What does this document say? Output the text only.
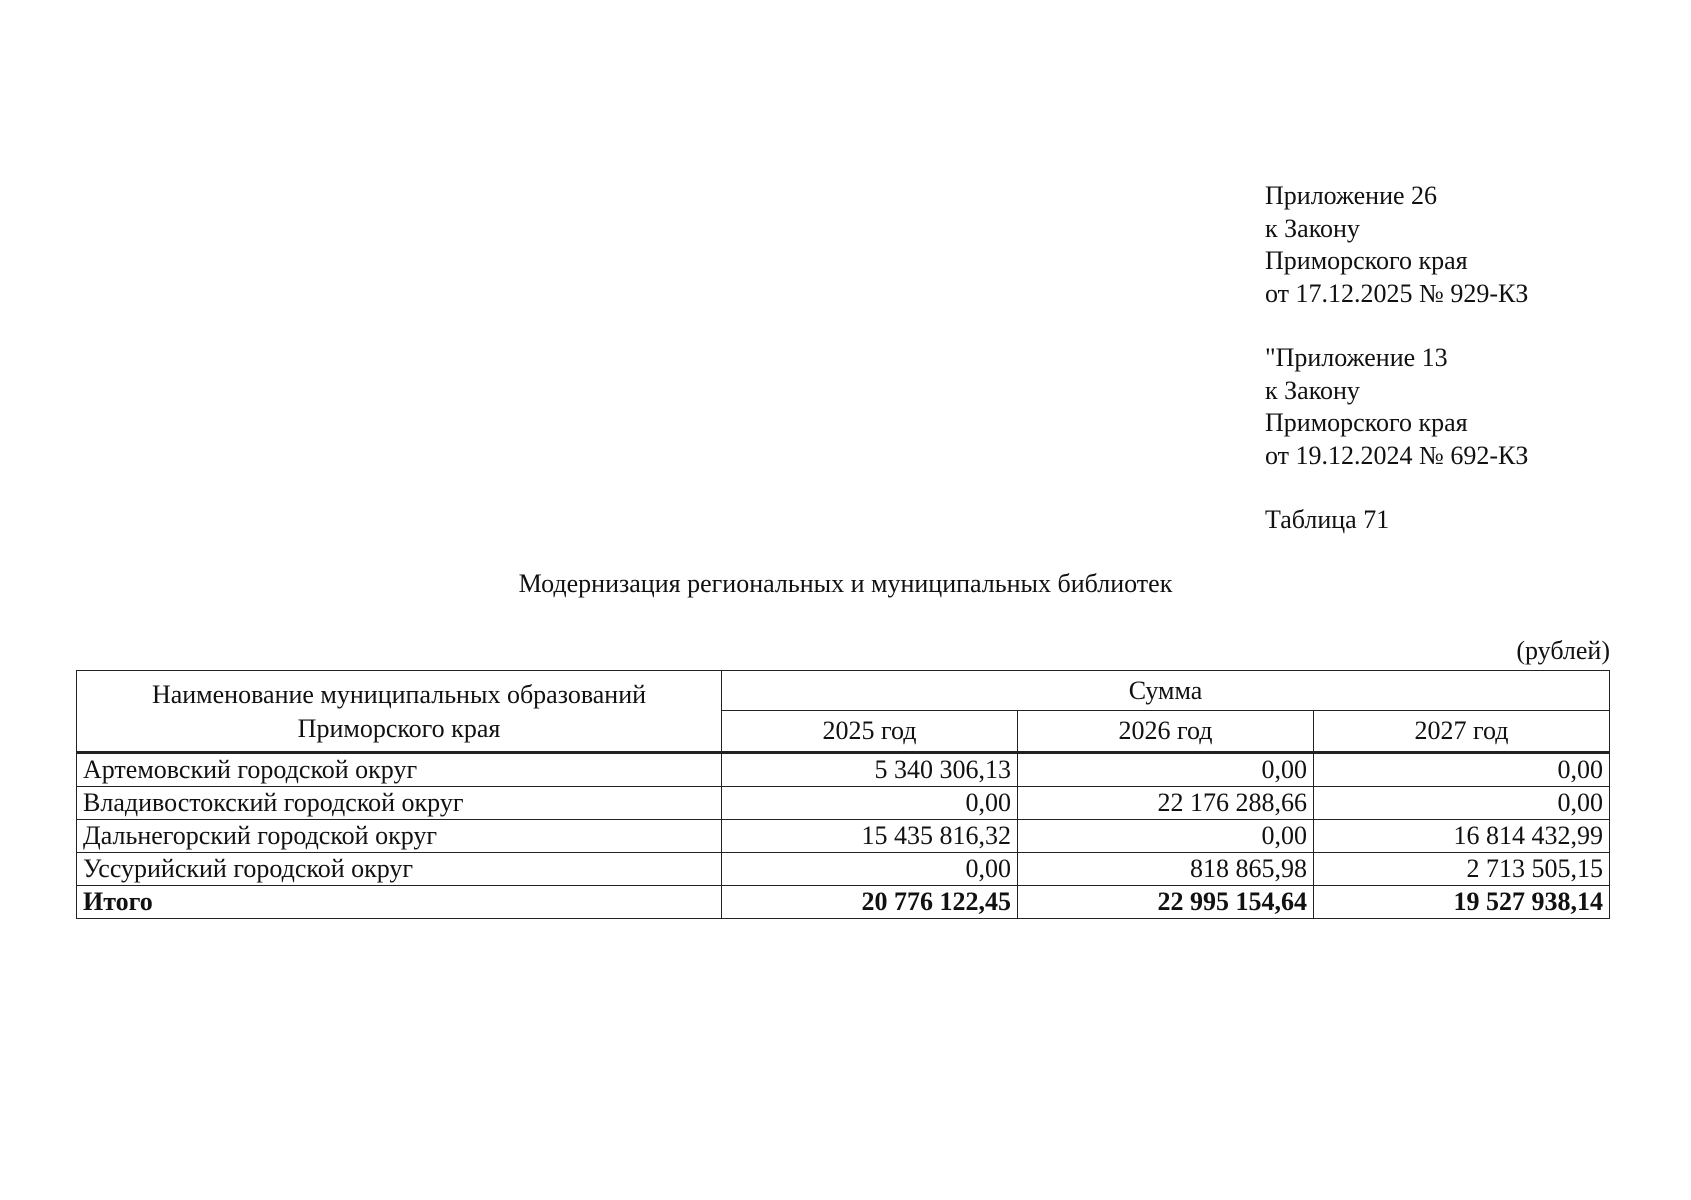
Приложение 26
к Закону
Приморского края
от 17.12.2025 № 929-КЗ
"Приложение 13
к Закону
Приморского края
от 19.12.2024 № 692-КЗ
Таблица 71
Модернизация региональных и муниципальных библиотек
(рублей)
Наименование муниципальных образований Приморского края	Сумма		
	2025 год	2026 год	2027 год
Артемовский городской округ	5 340 306,13	0,00	0,00
Владивостокский городской округ	0,00	22 176 288,66	0,00
Дальнегорский городской округ	15 435 816,32	0,00	16 814 432,99
Уссурийский городской округ	0,00	818 865,98	2 713 505,15
Итого	20 776 122,45	22 995 154,64	19 527 938,14
